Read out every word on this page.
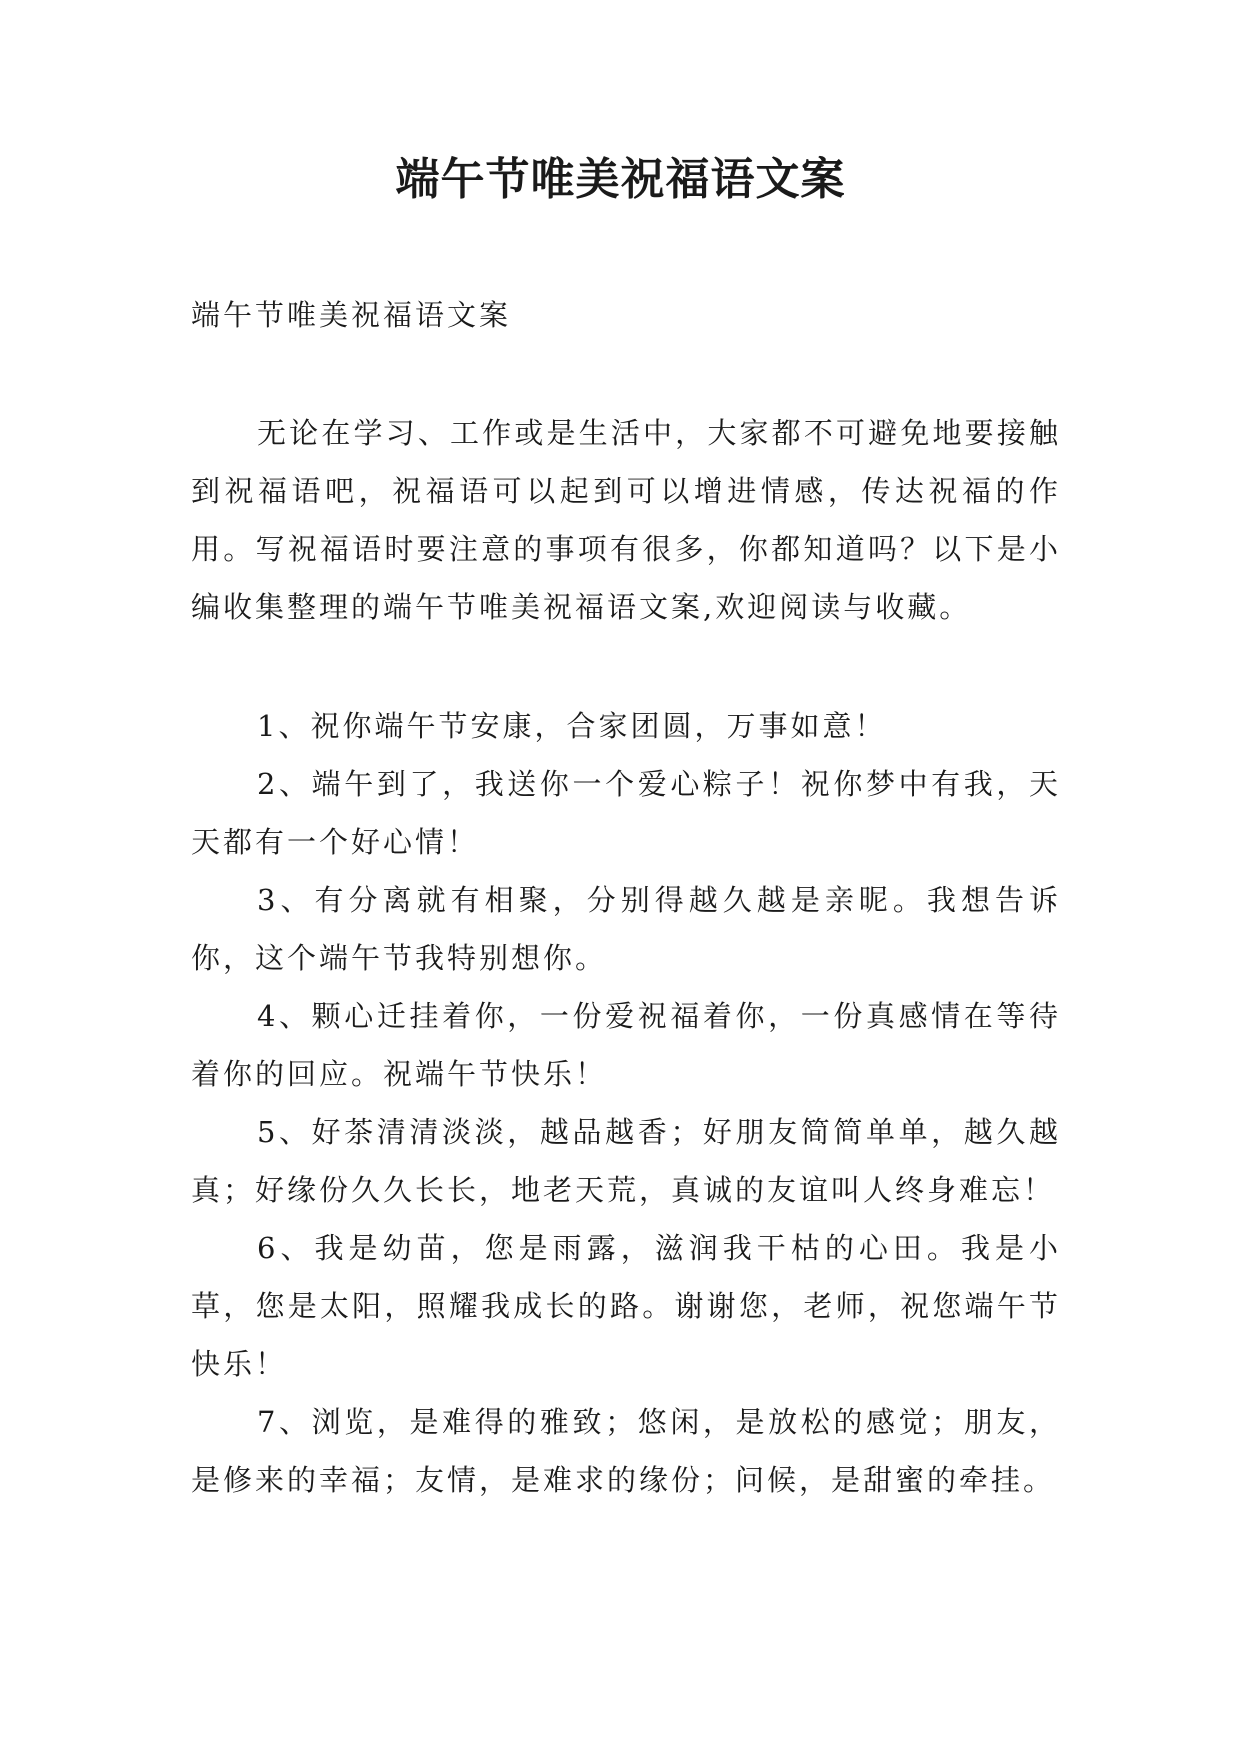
端午节唯美祝福语文案
端午节唯美祝福语文案

无论在学习、工作或是生活中，大家都不可避免地要接触到祝福语吧，祝福语可以起到可以增进情感，传达祝福的作用。写祝福语时要注意的事项有很多，你都知道吗？以下是小编收集整理的端午节唯美祝福语文案,欢迎阅读与收藏。

1、祝你端午节安康，合家团圆，万事如意！

2、端午到了，我送你一个爱心粽子！祝你梦中有我，天天都有一个好心情！

3、有分离就有相聚，分别得越久越是亲昵。我想告诉你，这个端午节我特别想你。

4、颗心迁挂着你，一份爱祝福着你，一份真感情在等待着你的回应。祝端午节快乐！

5、好茶清清淡淡，越品越香；好朋友简简单单，越久越真；好缘份久久长长，地老天荒，真诚的友谊叫人终身难忘！

6、我是幼苗，您是雨露，滋润我干枯的心田。我是小草，您是太阳，照耀我成长的路。谢谢您，老师，祝您端午节快乐！

7、浏览，是难得的雅致；悠闲，是放松的感觉；朋友，是修来的幸福；友情，是难求的缘份；问候，是甜蜜的牵挂。
